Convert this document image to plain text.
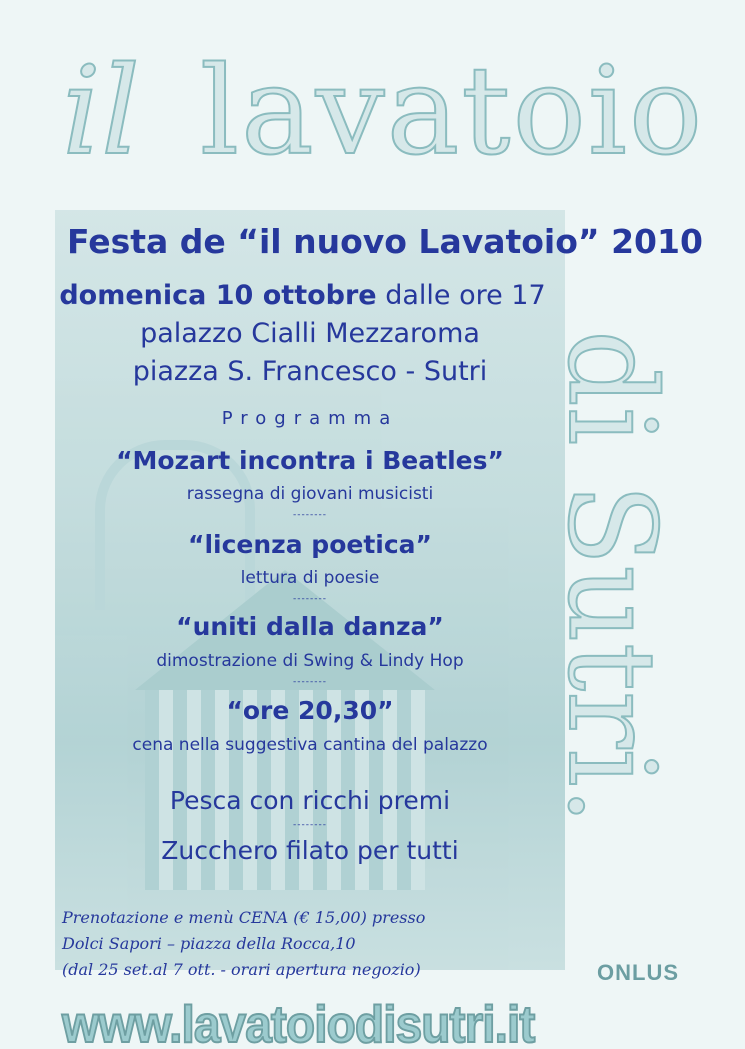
il lavatoio
di Sutri.
Festa de “il nuovo Lavatoio” 2010
domenica 10 ottobre dalle ore 17
palazzo Cialli Mezzaroma
piazza S. Francesco - Sutri
Programma
“Mozart incontra i Beatles”
rassegna di giovani musicisti
--------
“licenza poetica”
lettura di poesie
--------
“uniti dalla danza”
dimostrazione di Swing & Lindy Hop
--------
“ore 20,30”
cena nella suggestiva cantina del palazzo
Pesca con ricchi premi
--------
Zucchero filato per tutti
Prenotazione e menù CENA (€ 15,00) presso
Dolci Sapori – piazza della Rocca,10
(dal 25 set.al 7 ott. - orari apertura negozio)	ONLUS
www.lavatoiodisutri.it
